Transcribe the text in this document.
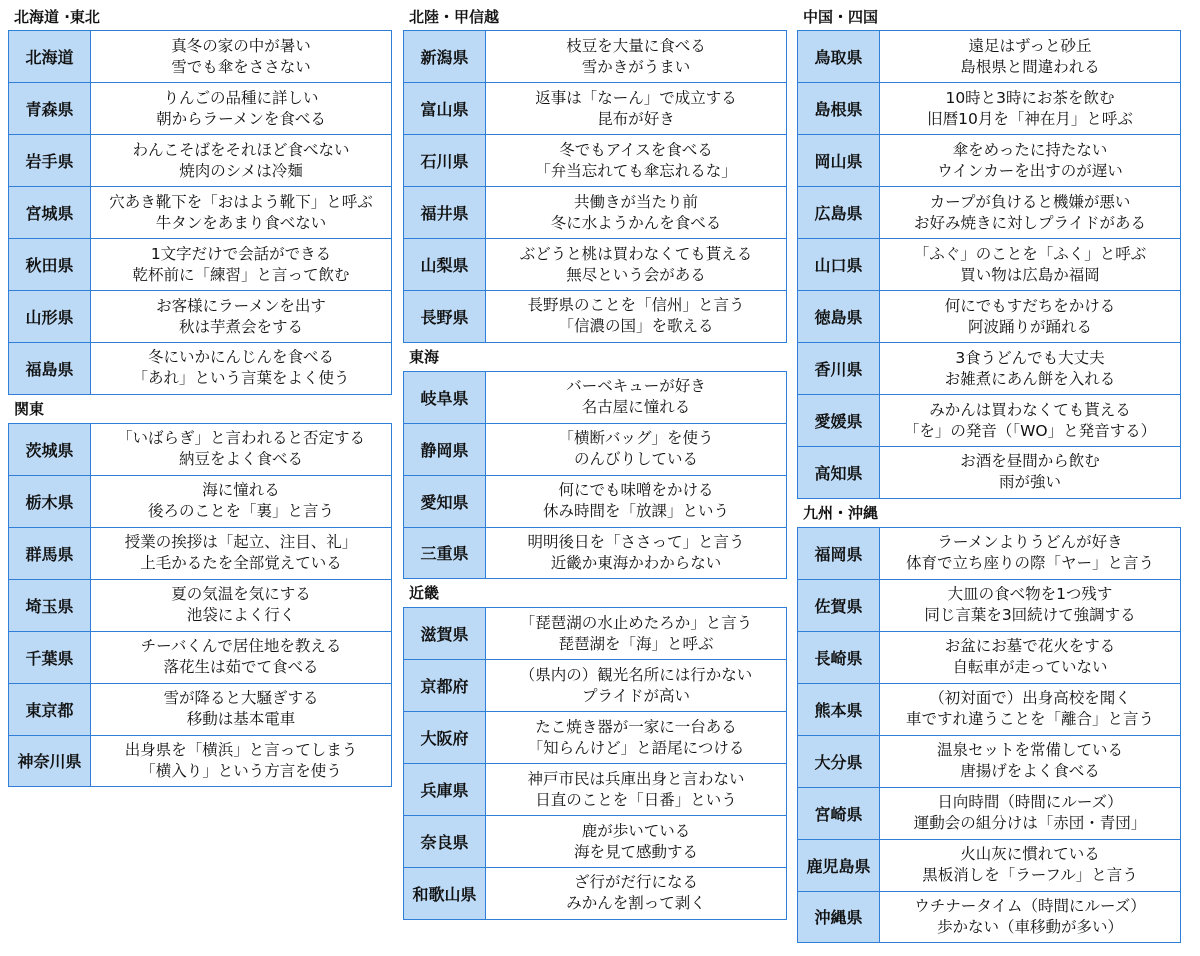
北海道 ·東北
北海道
真冬の家の中が暑い
雪でも傘をささない
青森県
りんごの品種に詳しい
朝からラーメンを食べる
岩手県
わんこそばをそれほど食べない
焼肉のシメは冷麺
宮城県
穴あき靴下を「おはよう靴下」と呼ぶ
牛タンをあまり食べない
秋田県
1文字だけで会話ができる
乾杯前に「練習」と言って飲む
山形県
お客様にラーメンを出す
秋は芋煮会をする
福島県
冬にいかにんじんを食べる
「あれ」という言葉をよく使う
関東
茨城県
「いばらぎ」と言われると否定する
納豆をよく食べる
栃木県
海に憧れる
後ろのことを「裏」と言う
群馬県
授業の挨拶は「起立、注目、礼」
上毛かるたを全部覚えている
埼玉県
夏の気温を気にする
池袋によく行く
千葉県
チーバくんで居住地を教える
落花生は茹でて食べる
東京都
雪が降ると大騒ぎする
移動は基本電車
神奈川県
出身県を「横浜」と言ってしまう
「横入り」という方言を使う
北陸・甲信越
新潟県
枝豆を大量に食べる
雪かきがうまい
富山県
返事は「なーん」で成立する
昆布が好き
石川県
冬でもアイスを食べる
「弁当忘れても傘忘れるな」
福井県
共働きが当たり前
冬に水ようかんを食べる
山梨県
ぶどうと桃は買わなくても貰える
無尽という会がある
長野県
長野県のことを「信州」と言う
「信濃の国」を歌える
東海
岐阜県
バーベキューが好き
名古屋に憧れる
静岡県
「横断バッグ」を使う
のんびりしている
愛知県
何にでも味噌をかける
休み時間を「放課」という
三重県
明明後日を「ささって」と言う
近畿か東海かわからない
近畿
滋賀県
「琵琶湖の水止めたろか」と言う
琵琶湖を「海」と呼ぶ
京都府
（県内の）観光名所には行かない
プライドが高い
大阪府
たこ焼き器が一家に一台ある
「知らんけど」と語尾につける
兵庫県
神戸市民は兵庫出身と言わない
日直のことを「日番」という
奈良県
鹿が歩いている
海を見て感動する
和歌山県
ざ行がだ行になる
みかんを割って剥く
中国・四国
鳥取県
遠足はずっと砂丘
島根県と間違われる
島根県
10時と3時にお茶を飲む
旧暦10月を「神在月」と呼ぶ
岡山県
傘をめったに持たない
ウインカーを出すのが遅い
広島県
カープが負けると機嫌が悪い
お好み焼きに対しプライドがある
山口県
「ふぐ」のことを「ふく」と呼ぶ
買い物は広島か福岡
徳島県
何にでもすだちをかける
阿波踊りが踊れる
香川県
3食うどんでも大丈夫
お雑煮にあん餅を入れる
愛媛県
みかんは買わなくても貰える
「を」の発音（「WO」と発音する）
高知県
お酒を昼間から飲む
雨が強い
九州・沖縄
福岡県
ラーメンよりうどんが好き
体育で立ち座りの際「ヤー」と言う
佐賀県
大皿の食べ物を1つ残す
同じ言葉を3回続けて強調する
長崎県
お盆にお墓で花火をする
自転車が走っていない
熊本県
（初対面で）出身高校を聞く
車ですれ違うことを「離合」と言う
大分県
温泉セットを常備している
唐揚げをよく食べる
宮崎県
日向時間（時間にルーズ）
運動会の組分けは「赤団・青団」
鹿児島県
火山灰に慣れている
黒板消しを「ラーフル」と言う
沖縄県
ウチナータイム（時間にルーズ）
歩かない（車移動が多い）
